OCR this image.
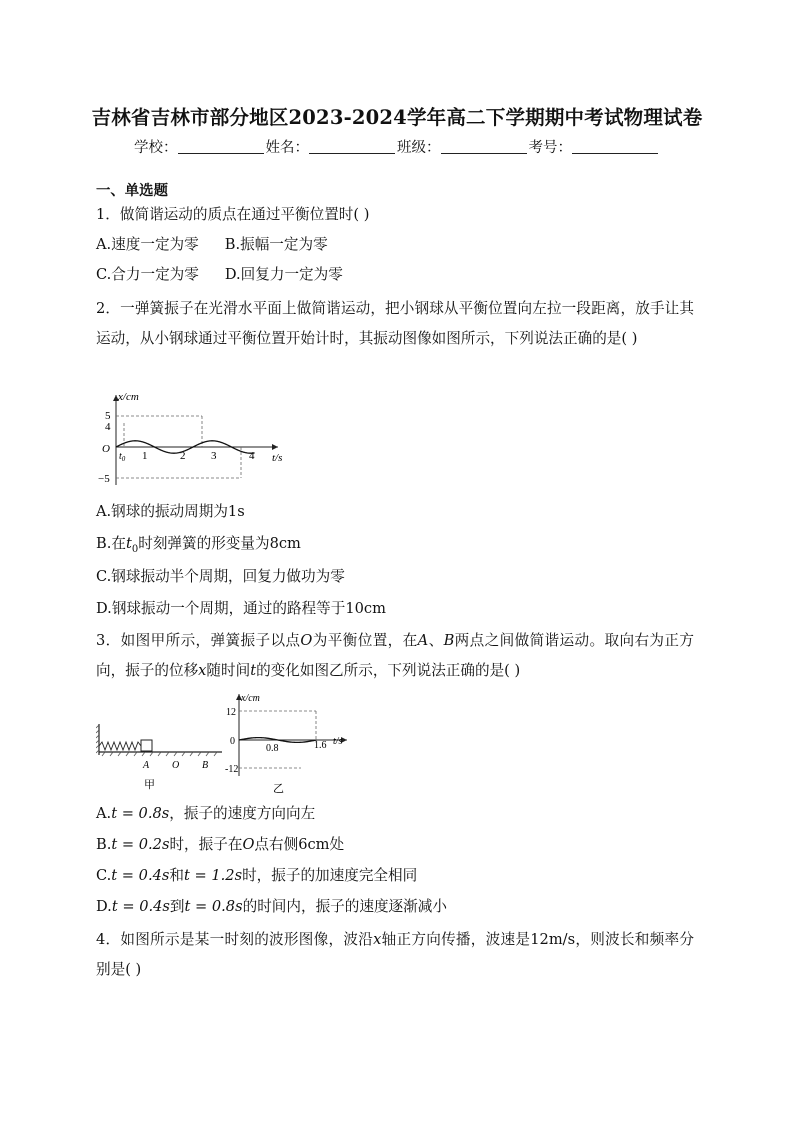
吉林省吉林市部分地区2023-2024学年高二下学期期中考试物理试卷
学校：	姓名：	班级：	考号：
一、单选题
1．做简谐运动的质点在通过平衡位置时( )
A.速度一定为零 B.振幅一定为零
C.合力一定为零 D.回复力一定为零
2．一弹簧振子在光滑水平面上做简谐运动，把小钢球从平衡位置向左拉一段距离，放手让其运动，从小钢球通过平衡位置开始计时，其振动图像如图所示，下列说法正确的是( )
x/cm
t/s
O
5
4
−5
$t_0$ 1	2 3	4
A.钢球的振动周期为1s
B.在$t_0$时刻弹簧的形变量为8cm
C.钢球振动半个周期，回复力做功为零
D.钢球振动一个周期，通过的路程等于10cm
3．如图甲所示，弹簧振子以点O为平衡位置，在A、B两点之间做简谐运动。取向右为正方向，振子的位移x随时间t的变化如图乙所示，下列说法正确的是( )
A O B
甲
x/cm
t/s
12
0
-12
0.8	1.6
乙
A.t = 0.8s，振子的速度方向向左
B.t = 0.2s时，振子在O点右侧6cm处
C.t = 0.4s和t = 1.2s时，振子的加速度完全相同
D.t = 0.4s到t = 0.8s的时间内，振子的速度逐渐减小
4．如图所示是某一时刻的波形图像，波沿x轴正方向传播，波速是12m/s，则波长和频率分别是( )
